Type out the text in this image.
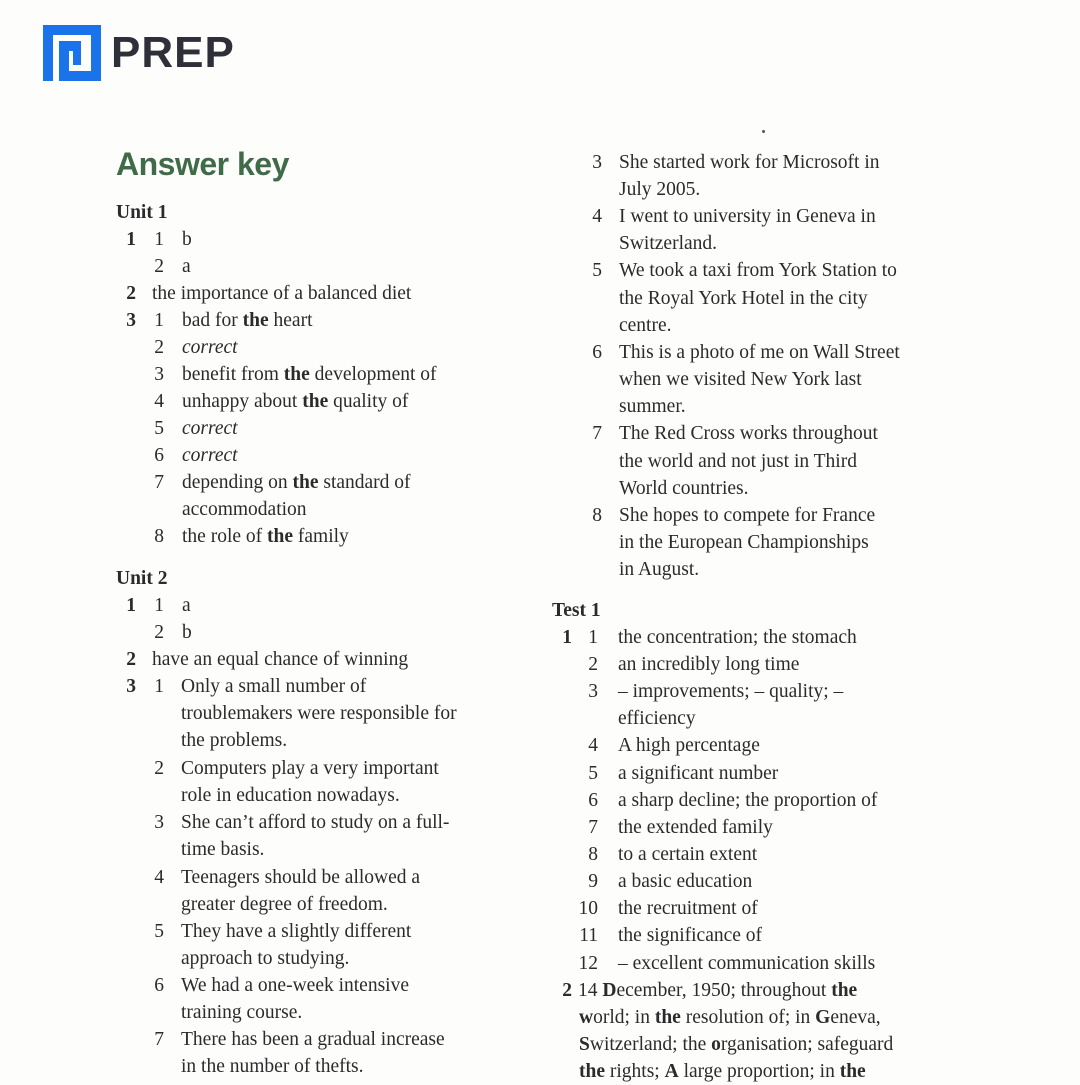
PREP
Answer key
Unit 1
1 1 b
2 a
2 the importance of a balanced diet
3 1 bad for the heart
2 correct
3 benefit from the development of
4 unhappy about the quality of
5 correct
6 correct
7 depending on the standard of
accommodation
8 the role of the family
Unit 2
1 1 a
2 b
2 have an equal chance of winning
3 1 Only a small number of
troublemakers were responsible for
the problems.
2 Computers play a very important
role in education nowadays.
3 She can’t afford to study on a full-
time basis.
4 Teenagers should be allowed a
greater degree of freedom.
5 They have a slightly different
approach to studying.
6 We had a one-week intensive
training course.
7 There has been a gradual increase
in the number of thefts.
3 She started work for Microsoft in
July 2005.
4 I went to university in Geneva in
Switzerland.
5 We took a taxi from York Station to
the Royal York Hotel in the city
centre.
6 This is a photo of me on Wall Street
when we visited New York last
summer.
7 The Red Cross works throughout
the world and not just in Third
World countries.
8 She hopes to compete for France
in the European Championships
in August.
Test 1
1 1 the concentration; the stomach
2 an incredibly long time
3 – improvements; – quality; –
efficiency
4 A high percentage
5 a significant number
6 a sharp decline; the proportion of
7 the extended family
8 to a certain extent
9 a basic education
10 the recruitment of
11 the significance of
12 – excellent communication skills
2 14 December, 1950; throughout the
world; in the resolution of; in Geneva,
Switzerland; the organisation; safeguard
the rights; A large proportion; in the
